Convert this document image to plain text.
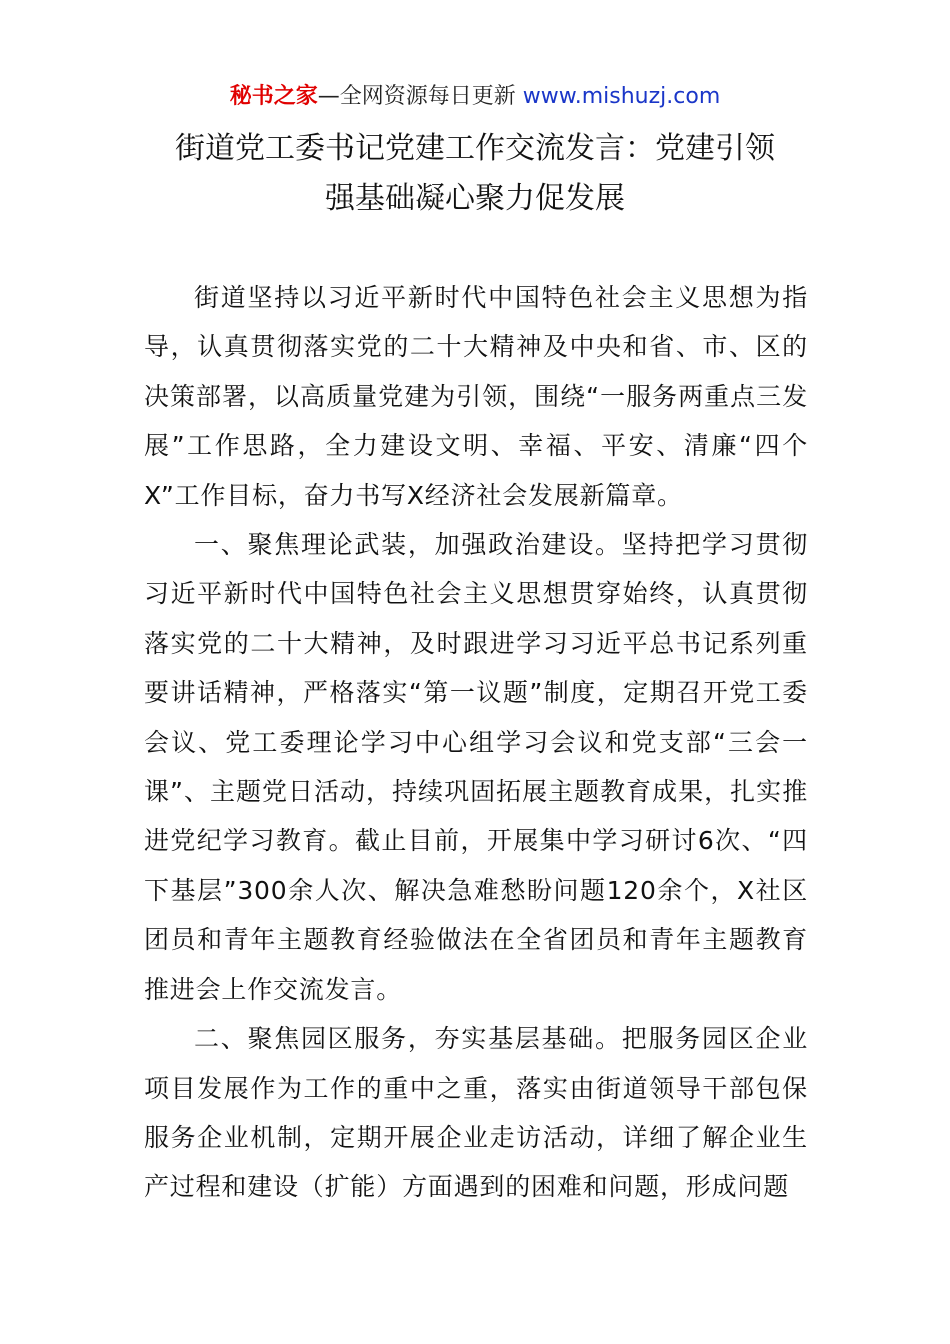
秘书之家—全网资源每日更新 www.mishuzj.com
街道党工委书记党建工作交流发言：党建引领
强基础凝心聚力促发展

街道坚持以习近平新时代中国特色社会主义思想为指导，认真贯彻落实党的二十大精神及中央和省、市、区的决策部署，以高质量党建为引领，围绕“一服务两重点三发展”工作思路，全力建设文明、幸福、平安、清廉“四个X”工作目标，奋力书写X经济社会发展新篇章。

一、聚焦理论武装，加强政治建设。坚持把学习贯彻习近平新时代中国特色社会主义思想贯穿始终，认真贯彻落实党的二十大精神，及时跟进学习习近平总书记系列重要讲话精神，严格落实“第一议题”制度，定期召开党工委会议、党工委理论学习中心组学习会议和党支部“三会一课”、主题党日活动，持续巩固拓展主题教育成果，扎实推进党纪学习教育。截止目前，开展集中学习研讨6次、“四下基层”300余人次、解决急难愁盼问题120余个，X社区团员和青年主题教育经验做法在全省团员和青年主题教育推进会上作交流发言。

二、聚焦园区服务，夯实基层基础。把服务园区企业项目发展作为工作的重中之重，落实由街道领导干部包保服务企业机制，定期开展企业走访活动，详细了解企业生产过程和建设（扩能）方面遇到的困难和问题，形成问题
